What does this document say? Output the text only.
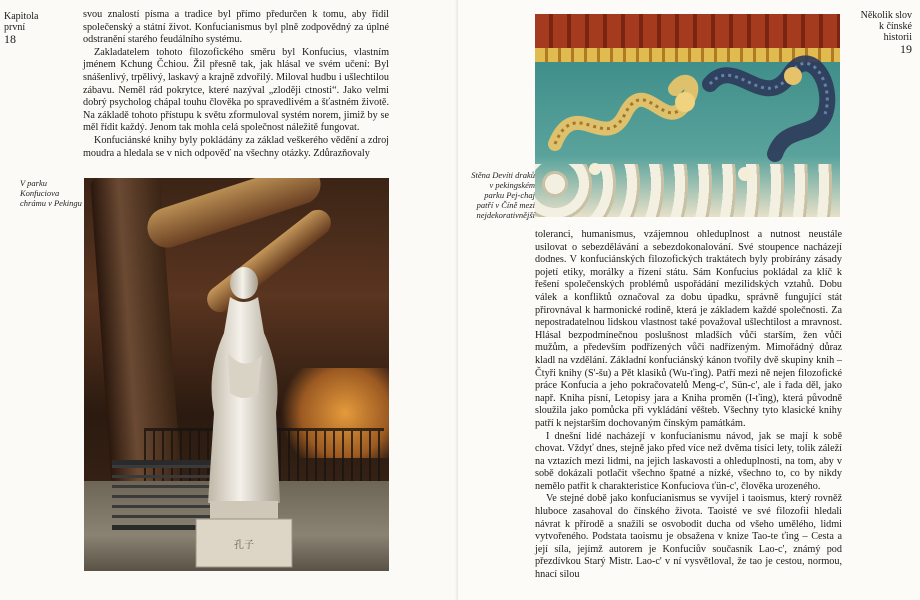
Kapitola
první
18

svou znalostí písma a tradice byl přímo předurčen k tomu, aby řídil společenský a státní život. Konfucianismus byl plně zodpovědný za úplné odstranění starého feudálního systému.

Zakladatelem tohoto filozofického směru byl Konfucius, vlastním jménem Kchung Čchiou. Žil přesně tak, jak hlásal ve svém učení: Byl snášenlivý, trpělivý, laskavý a krajně zdvořilý. Miloval hudbu i ušlechtilou zábavu. Neměl rád pokrytce, které nazýval „zloději ctnosti“. Jako velmi dobrý psycholog chápal touhu člověka po spravedlivém a šťastném životě. Na základě tohoto přístupu k světu zformuloval systém norem, jimiž by se měl řídit každý. Jenom tak mohla celá společnost náležitě fungovat.

Konfuciánské knihy byly pokládány za základ veškerého vědění a zdroj moudra a hledala se v nich odpověď na všechny otázky. Zdůrazňovaly

V parku Konfuciova chrámu v Pekingu
孔子
Několik slov
k čínské
historii
19
Stěna Devíti draků v pekingském parku Pej-chaj patří v Číně mezi nejdekorativnější

toleranci, humanismus, vzájemnou ohleduplnost a nutnost neustále usilovat o sebezdělávání a sebezdokonalování. Své stoupence nacházejí dodnes. V konfuciánských filozofických traktátech byly probírány zásady pojetí etiky, morálky a řízení státu. Sám Konfucius pokládal za klíč k řešení společenských problémů uspořádání mezilidských vztahů. Dobu válek a konfliktů označoval za dobu úpadku, správně fungující stát přirovnával k harmonické rodině, která je základem každé společnosti. Za nepostradatelnou lidskou vlastnost také považoval ušlechtilost a mravnost. Hlásal bezpodmínečnou poslušnost mladších vůči starším, žen vůči mužům, a především podřízených vůči nadřízeným. Mimořádný důraz kladl na vzdělání. Základní konfuciánský kánon tvořily dvě skupiny knih – Čtyři knihy (S'-šu) a Pět klasiků (Wu-ťing). Patří mezi ně nejen filozofické práce Konfucia a jeho pokračovatelů Meng-c', Sün-c', ale i řada děl, jako např. Kniha písní, Letopisy jara a Kniha proměn (I-ťing), která původně sloužila jako pomůcka při vykládání věšteb. Všechny tyto klasické knihy patří k nejstarším dochovaným čínským památkám.

I dnešní lidé nacházejí v konfucianismu návod, jak se mají k sobě chovat. Vždyť dnes, stejně jako před více než dvěma tisíci lety, tolik záleží na vztazích mezi lidmi, na jejich laskavosti a ohleduplnosti, na tom, aby v sobě dokázali potlačit všechno špatné a nízké, všechno to, co by nikdy nemělo patřit k charakteristice Konfuciova ťün-c', člověka urozeného.

Ve stejné době jako konfucianismus se vyvíjel i taoismus, který rovněž hluboce zasahoval do čínského života. Taoisté ve své filozofii hledali návrat k přírodě a snažili se osvobodit ducha od všeho umělého, lidmi vytvořeného. Podstata taoismu je obsažena v knize Tao-te ťing – Cesta a její síla, jejímž autorem je Konfuciův současník Lao-c', známý pod přezdívkou Starý Mistr. Lao-c' v ní vysvětloval, že tao je cestou, normou, hnací silou
